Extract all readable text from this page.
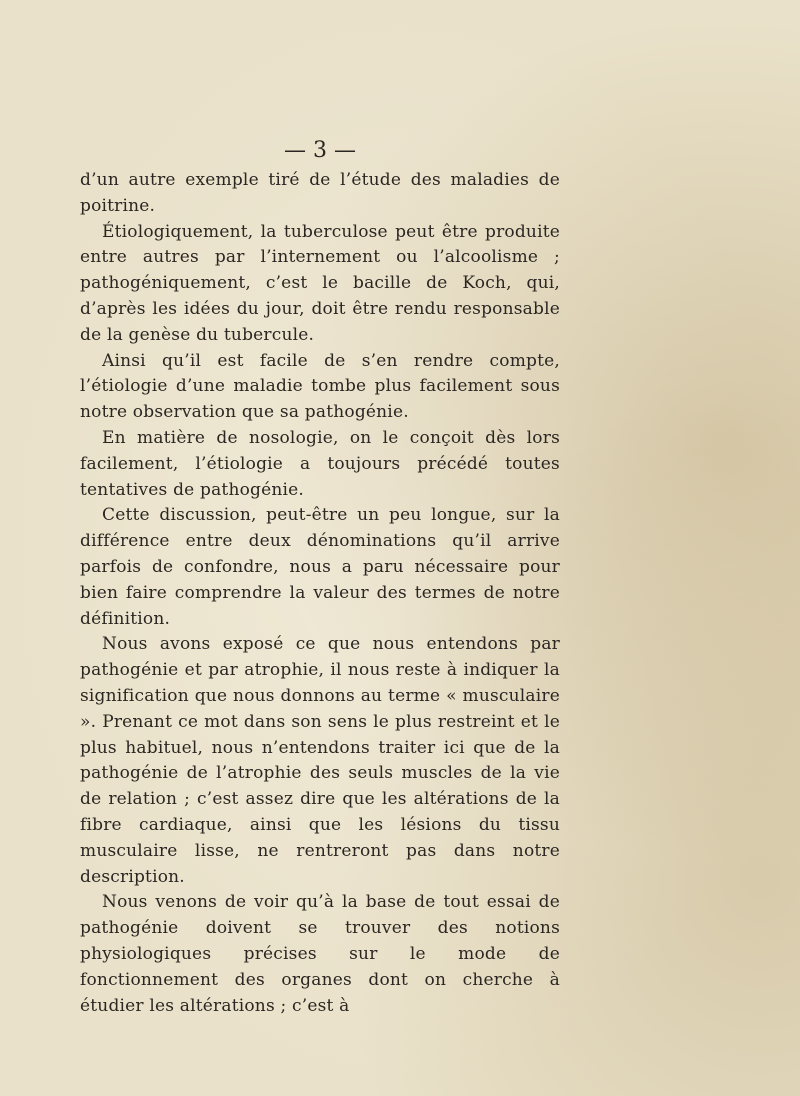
— 3 —

d’un autre exemple tiré de l’étude des maladies de poitrine.

Étiologiquement, la tuberculose peut être produite entre autres par l’internement ou l’alcoolisme ; pathogéniquement, c’est le bacille de Koch, qui, d’après les idées du jour, doit être rendu responsable de la genèse du tubercule.

Ainsi qu’il est facile de s’en rendre compte, l’étiologie d’une maladie tombe plus facilement sous notre observation que sa pathogénie.

En matière de nosologie, on le conçoit dès lors facilement, l’étiologie a toujours précédé toutes tentatives de pathogénie.

Cette discussion, peut-être un peu longue, sur la différence entre deux dénominations qu’il arrive parfois de confondre, nous a paru nécessaire pour bien faire comprendre la valeur des termes de notre définition.

Nous avons exposé ce que nous entendons par pathogénie et par atrophie, il nous reste à indiquer la signification que nous donnons au terme « musculaire ». Prenant ce mot dans son sens le plus restreint et le plus habituel, nous n’entendons traiter ici que de la pathogénie de l’atrophie des seuls muscles de la vie de relation ; c’est assez dire que les altérations de la fibre cardiaque, ainsi que les lésions du tissu musculaire lisse, ne rentreront pas dans notre description.

Nous venons de voir qu’à la base de tout essai de pathogénie doivent se trouver des notions physiologiques précises sur le mode de fonctionnement des organes dont on cherche à étudier les altérations ; c’est à
